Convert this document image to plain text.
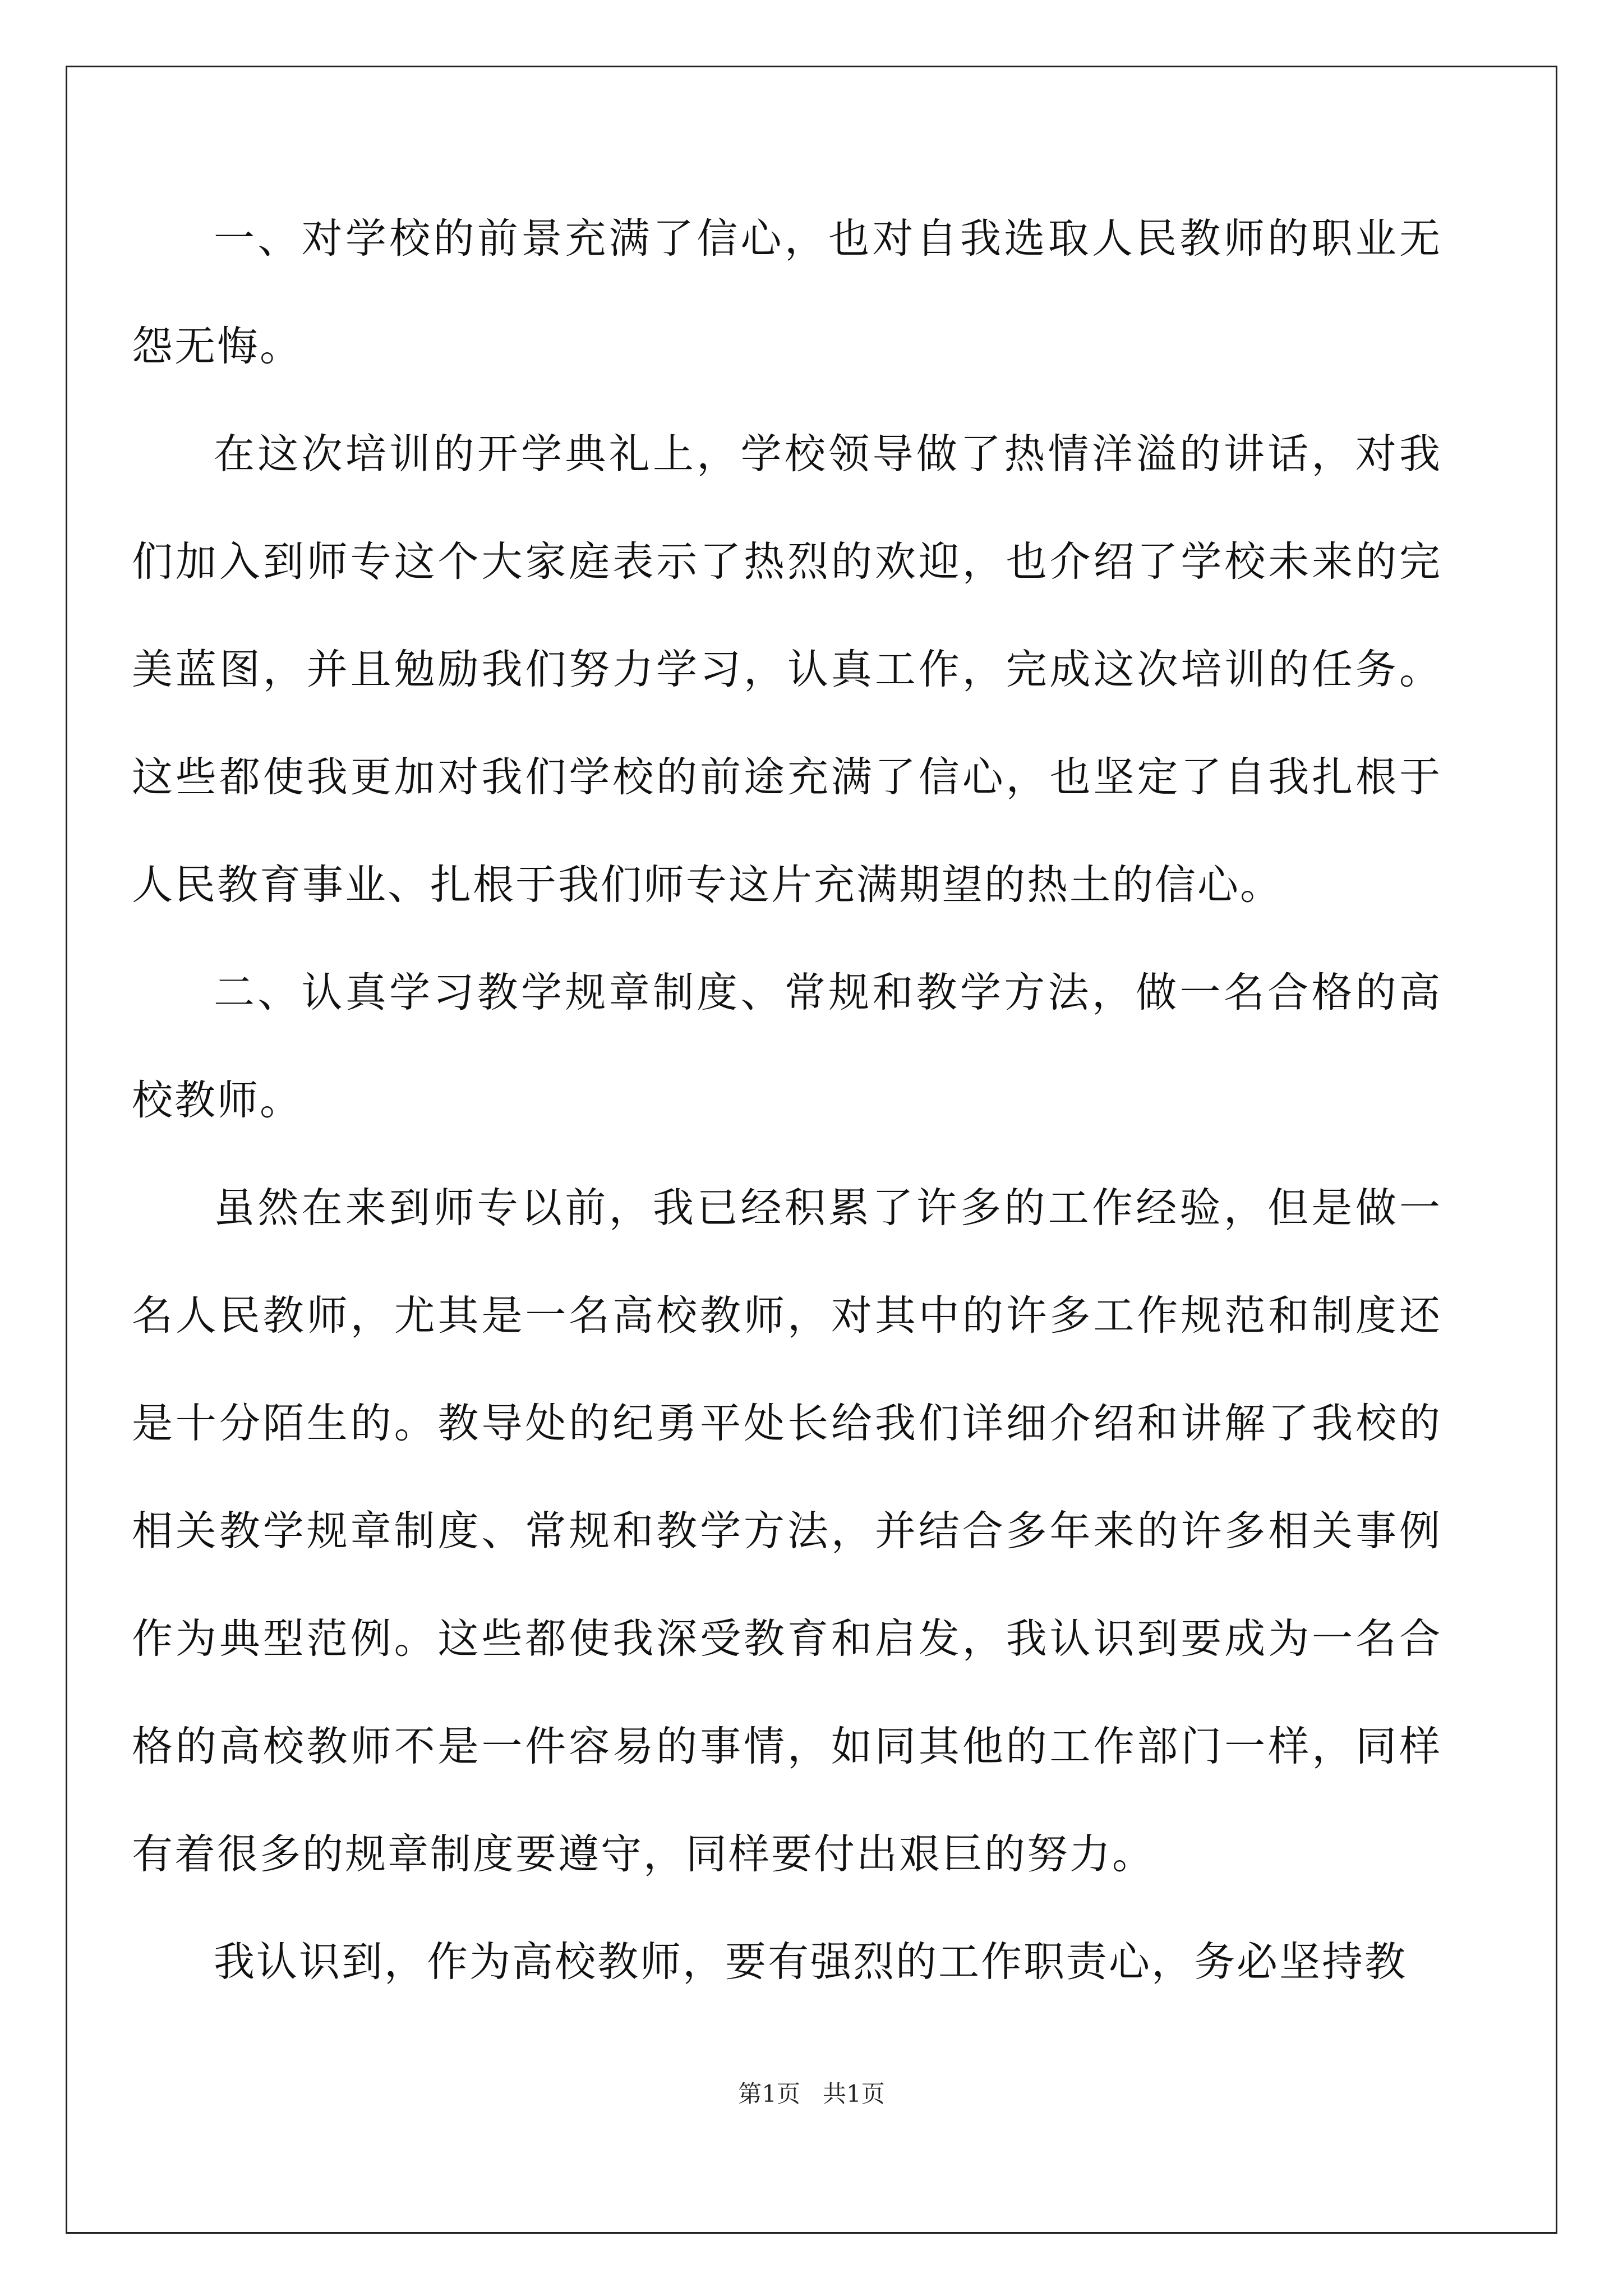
一、对学校的前景充满了信心，也对自我选取人民教师的职业无怨无悔。

在这次培训的开学典礼上，学校领导做了热情洋溢的讲话，对我们加入到师专这个大家庭表示了热烈的欢迎，也介绍了学校未来的完美蓝图，并且勉励我们努力学习，认真工作，完成这次培训的任务。这些都使我更加对我们学校的前途充满了信心，也坚定了自我扎根于人民教育事业、扎根于我们师专这片充满期望的热土的信心。

二、认真学习教学规章制度、常规和教学方法，做一名合格的高校教师。

虽然在来到师专以前，我已经积累了许多的工作经验，但是做一名人民教师，尤其是一名高校教师，对其中的许多工作规范和制度还是十分陌生的。教导处的纪勇平处长给我们详细介绍和讲解了我校的相关教学规章制度、常规和教学方法，并结合多年来的许多相关事例作为典型范例。这些都使我深受教育和启发，我认识到要成为一名合格的高校教师不是一件容易的事情，如同其他的工作部门一样，同样有着很多的规章制度要遵守，同样要付出艰巨的努力。

我认识到，作为高校教师，要有强烈的工作职责心，务必坚持教

第1页 共1页
